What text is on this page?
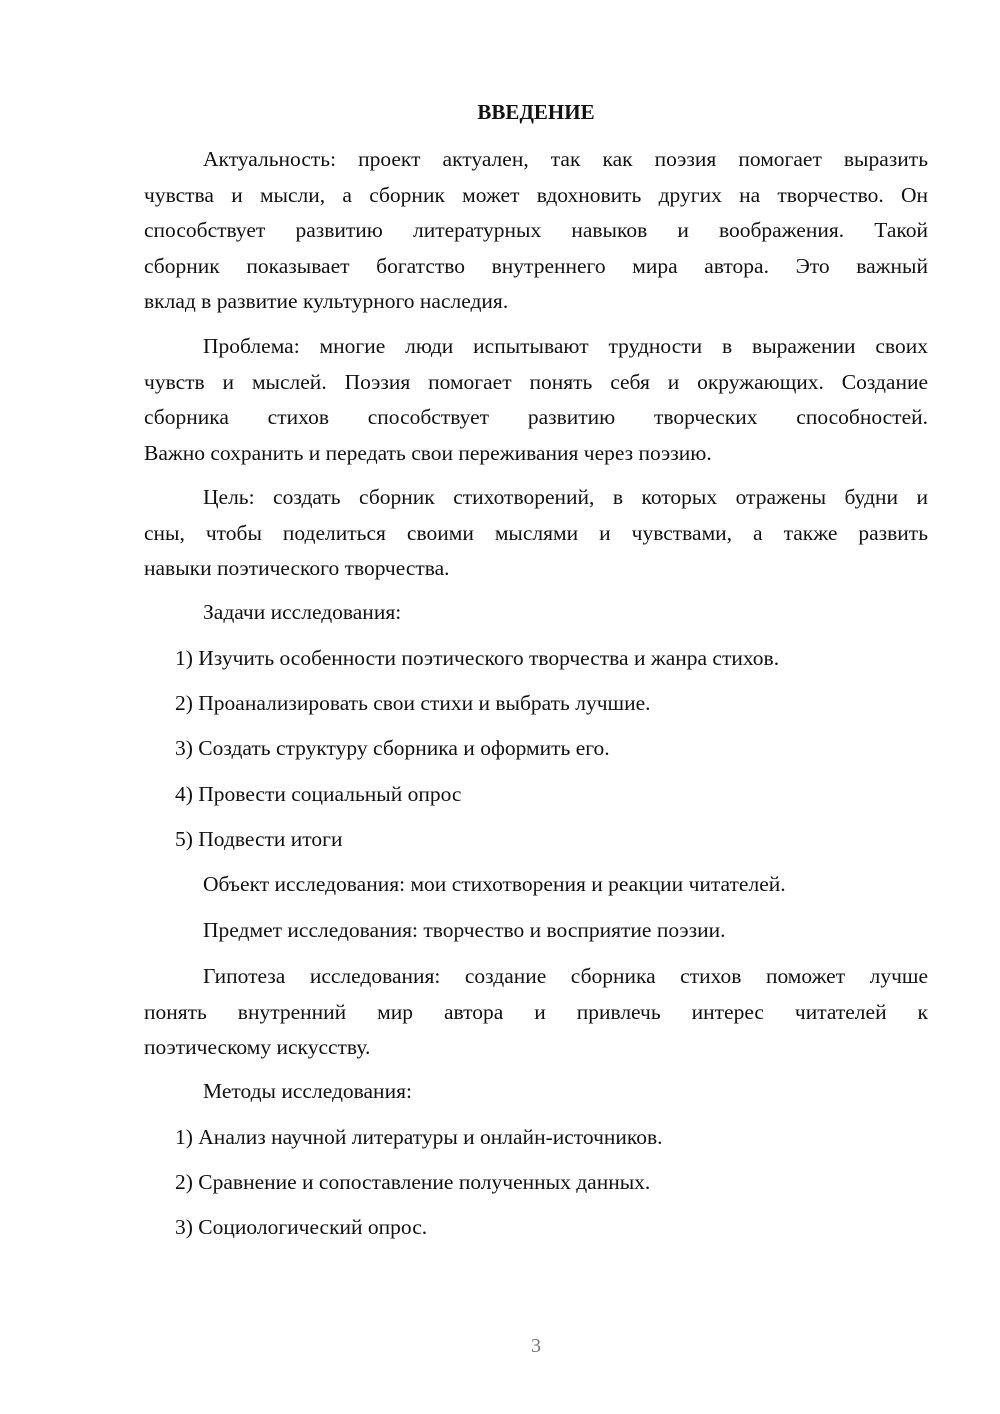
ВВЕДЕНИЕ

Актуальность: проект актуален, так как поэзия помогает выразить
чувства и мысли, а сборник может вдохновить других на творчество. Он
способствует развитию литературных навыков и воображения. Такой
сборник показывает богатство внутреннего мира автора. Это важный
вклад в развитие культурного наследия.

Проблема: многие люди испытывают трудности в выражении своих
чувств и мыслей. Поэзия помогает понять себя и окружающих. Создание
сборника стихов способствует развитию творческих способностей.
Важно сохранить и передать свои переживания через поэзию.

Цель: создать сборник стихотворений, в которых отражены будни и
сны, чтобы поделиться своими мыслями и чувствами, а также развить
навыки поэтического творчества.

Задачи исследования:

1) Изучить особенности поэтического творчества и жанра стихов.

2) Проанализировать свои стихи и выбрать лучшие.

3) Создать структуру сборника и оформить его.

4) Провести социальный опрос

5) Подвести итоги

Объект исследования: мои стихотворения и реакции читателей.

Предмет исследования: творчество и восприятие поэзии.

Гипотеза исследования: создание сборника стихов поможет лучше
понять внутренний мир автора и привлечь интерес читателей к
поэтическому искусству.

Методы исследования:

1) Анализ научной литературы и онлайн-источников.

2) Сравнение и сопоставление полученных данных.

3) Социологический опрос.

3
